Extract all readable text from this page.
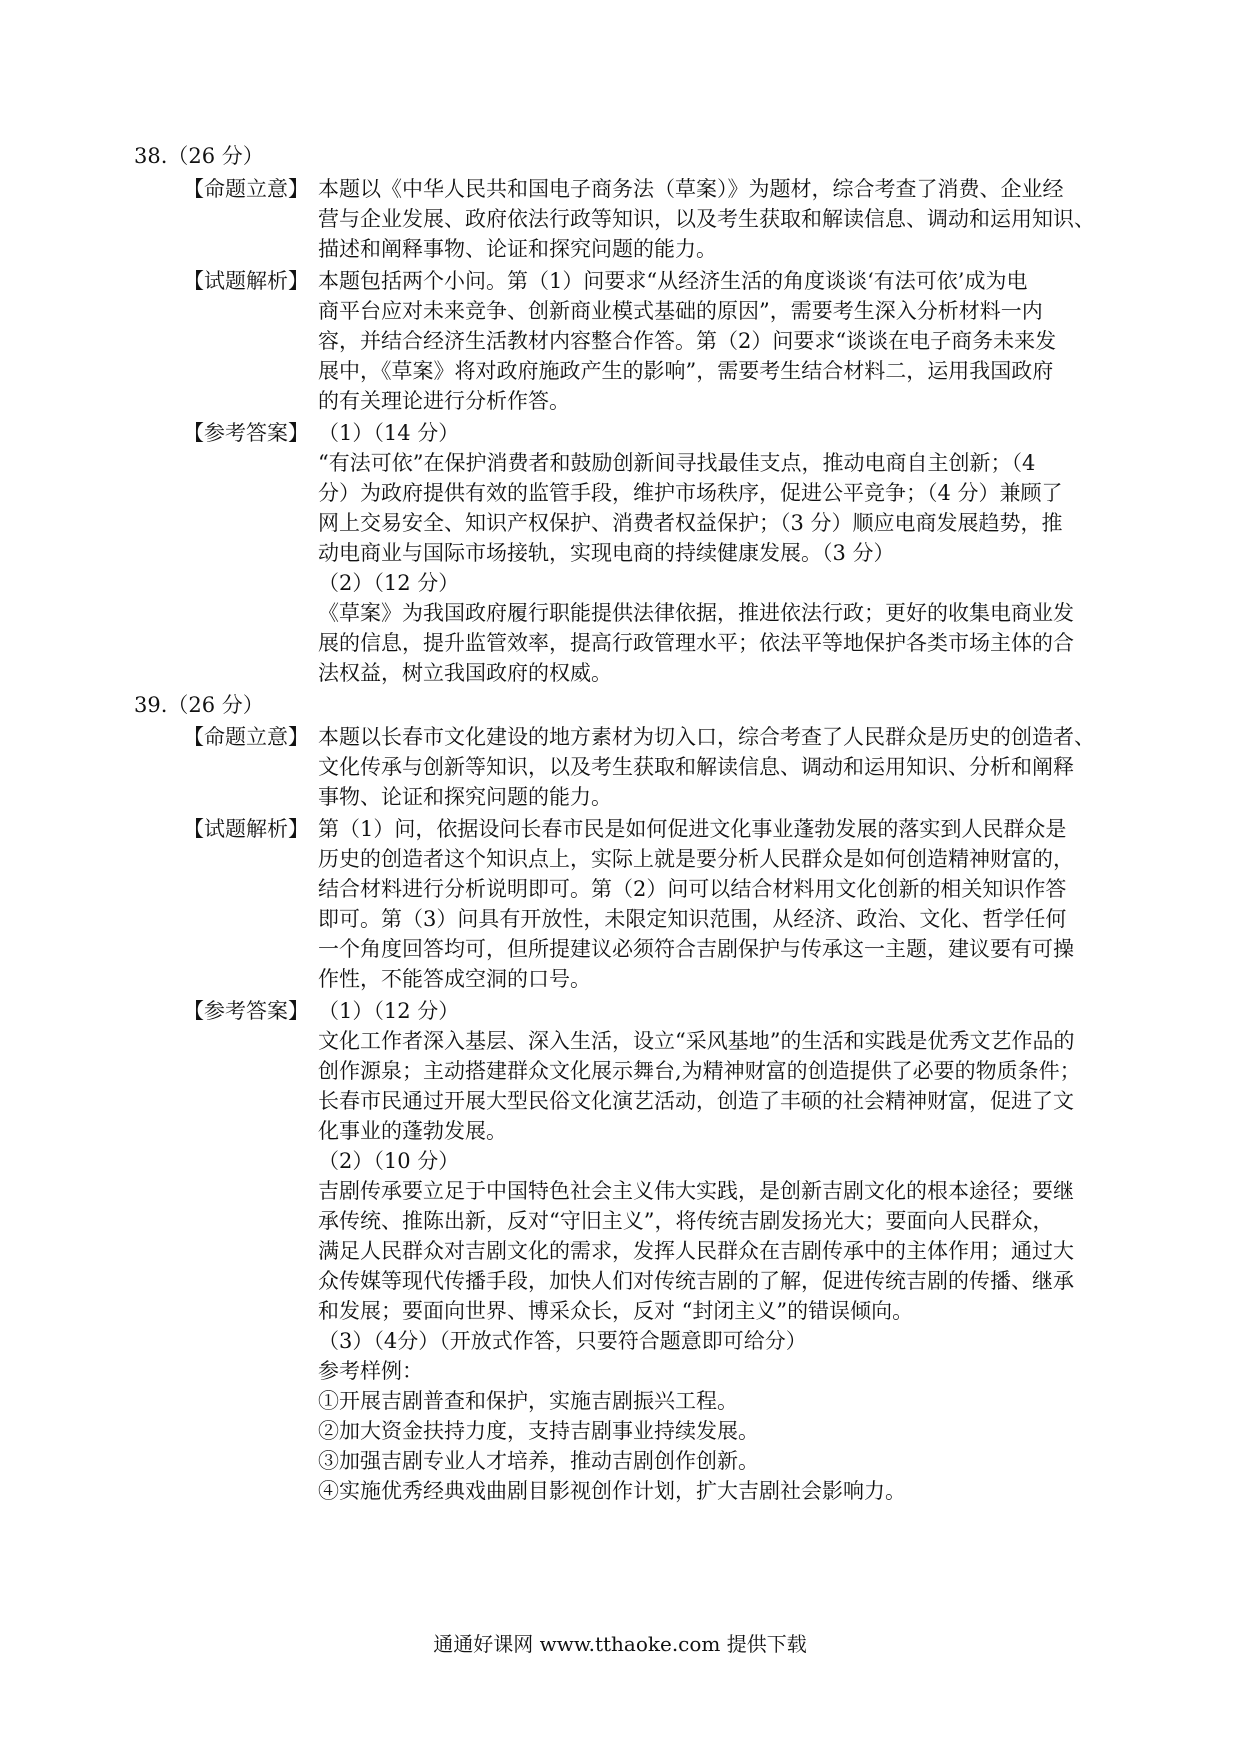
38.（26 分）
【命题立意】 本题以《中华人民共和国电子商务法（草案）》为题材，综合考查了消费、企业经
营与企业发展、政府依法行政等知识，以及考生获取和解读信息、调动和运用知识、
描述和阐释事物、论证和探究问题的能力。
【试题解析】 本题包括两个小问。第（1）问要求“从经济生活的角度谈谈‘有法可依’成为电
商平台应对未来竞争、创新商业模式基础的原因”，需要考生深入分析材料一内
容，并结合经济生活教材内容整合作答。第（2）问要求“谈谈在电子商务未来发
展中，《草案》将对政府施政产生的影响”，需要考生结合材料二，运用我国政府
的有关理论进行分析作答。
【参考答案】 （1）（14 分）
“有法可依”在保护消费者和鼓励创新间寻找最佳支点，推动电商自主创新；（4
分）为政府提供有效的监管手段，维护市场秩序，促进公平竞争；（4 分）兼顾了
网上交易安全、知识产权保护、消费者权益保护；（3 分）顺应电商发展趋势，推
动电商业与国际市场接轨，实现电商的持续健康发展。（3 分）
（2）（12 分）
《草案》为我国政府履行职能提供法律依据，推进依法行政；更好的收集电商业发
展的信息，提升监管效率，提高行政管理水平；依法平等地保护各类市场主体的合
法权益，树立我国政府的权威。
39.（26 分）
【命题立意】 本题以长春市文化建设的地方素材为切入口，综合考查了人民群众是历史的创造者、
文化传承与创新等知识，以及考生获取和解读信息、调动和运用知识、分析和阐释
事物、论证和探究问题的能力。
【试题解析】 第（1）问，依据设问长春市民是如何促进文化事业蓬勃发展的落实到人民群众是
历史的创造者这个知识点上，实际上就是要分析人民群众是如何创造精神财富的，
结合材料进行分析说明即可。第（2）问可以结合材料用文化创新的相关知识作答
即可。第（3）问具有开放性，未限定知识范围，从经济、政治、文化、哲学任何
一个角度回答均可，但所提建议必须符合吉剧保护与传承这一主题，建议要有可操
作性，不能答成空洞的口号。
【参考答案】 （1）（12 分）
文化工作者深入基层、深入生活，设立“采风基地”的生活和实践是优秀文艺作品的
创作源泉；主动搭建群众文化展示舞台,为精神财富的创造提供了必要的物质条件；
长春市民通过开展大型民俗文化演艺活动，创造了丰硕的社会精神财富，促进了文
化事业的蓬勃发展。
（2）（10 分）
吉剧传承要立足于中国特色社会主义伟大实践，是创新吉剧文化的根本途径；要继
承传统、推陈出新，反对“守旧主义”，将传统吉剧发扬光大；要面向人民群众，
满足人民群众对吉剧文化的需求，发挥人民群众在吉剧传承中的主体作用；通过大
众传媒等现代传播手段，加快人们对传统吉剧的了解，促进传统吉剧的传播、继承
和发展；要面向世界、博采众长，反对 “封闭主义”的错误倾向。
（3）（4分）（开放式作答，只要符合题意即可给分）
参考样例：
①开展吉剧普查和保护，实施吉剧振兴工程。
②加大资金扶持力度，支持吉剧事业持续发展。
③加强吉剧专业人才培养，推动吉剧创作创新。
④实施优秀经典戏曲剧目影视创作计划，扩大吉剧社会影响力。
通通好课网 www.tthaoke.com 提供下载
